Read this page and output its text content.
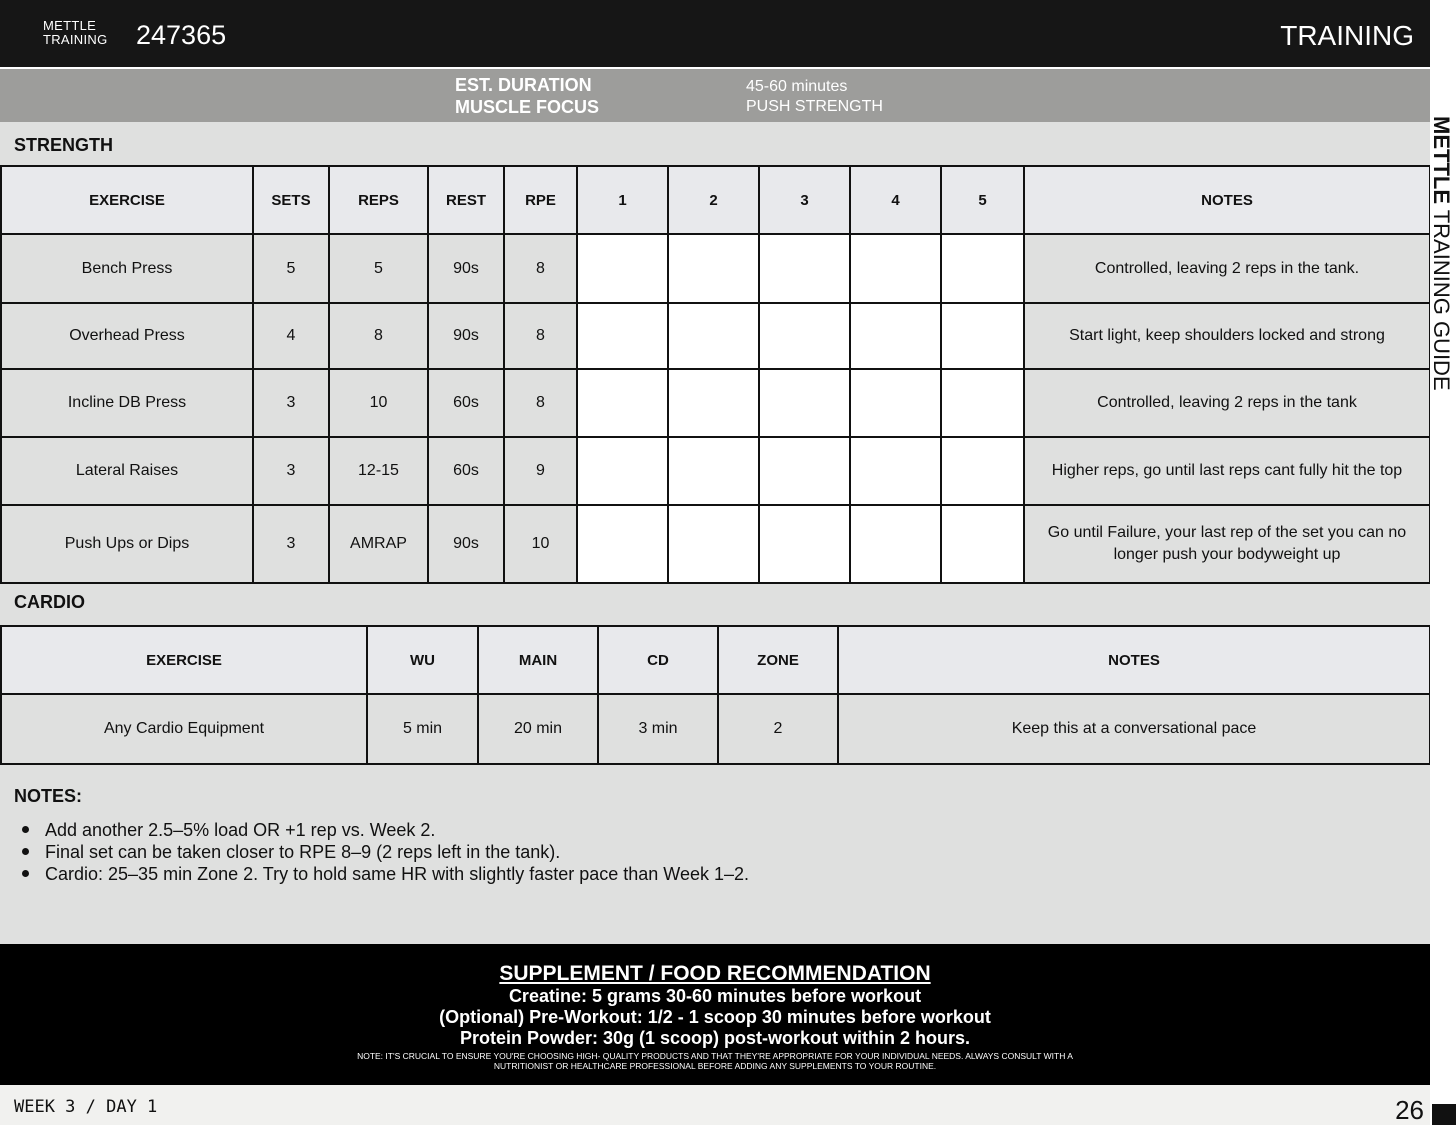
METTLE
TRAINING 247365	TRAINING
EST. DURATION
MUSCLE FOCUS
45-60 minutes
PUSH STRENGTH
STRENGTH
EXERCISE	SETS	REPS	REST	RPE	1	2	3	4	5	NOTES
Bench Press	5	5	90s	8						Controlled, leaving 2 reps in the tank.
Overhead Press	4	8	90s	8						Start light, keep shoulders locked and strong
Incline DB Press	3	10	60s	8						Controlled, leaving 2 reps in the tank
Lateral Raises	3	12-15	60s	9						Higher reps, go until last reps cant fully hit the top
Push Ups or Dips	3	AMRAP	90s	10						Go until Failure, your last rep of the set you can no longer push your bodyweight up
CARDIO
EXERCISE	WU	MAIN	CD	ZONE	NOTES
Any Cardio Equipment	5 min	20 min	3 min	2	Keep this at a conversational pace
NOTES:
Add another 2.5–5% load OR +1 rep vs. Week 2.
Final set can be taken closer to RPE 8–9 (2 reps left in the tank).
Cardio: 25–35 min Zone 2. Try to hold same HR with slightly faster pace than Week 1–2.
SUPPLEMENT / FOOD RECOMMENDATION
Creatine: 5 grams 30-60 minutes before workout
(Optional) Pre-Workout: 1/2 - 1 scoop 30 minutes before workout
Protein Powder: 30g (1 scoop) post-workout within 2 hours.
NOTE: IT'S CRUCIAL TO ENSURE YOU'RE CHOOSING HIGH- QUALITY PRODUCTS AND THAT THEY'RE APPROPRIATE FOR YOUR INDIVIDUAL NEEDS. ALWAYS CONSULT WITH A NUTRITIONIST OR HEALTHCARE PROFESSIONAL BEFORE ADDING ANY SUPPLEMENTS TO YOUR ROUTINE.
WEEK 3 / DAY 1	26
METTLE TRAINING GUIDE
